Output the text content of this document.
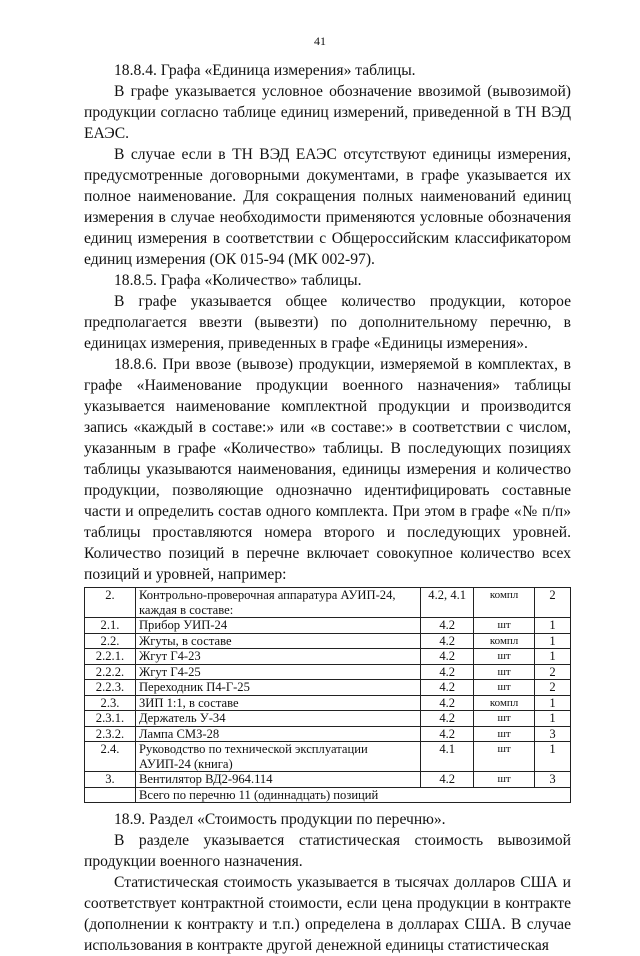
41

18.8.4. Графа «Единица измерения» таблицы.

В графе указывается условное обозначение ввозимой (вывозимой) продукции согласно таблице единиц измерений, приведенной в ТН ВЭД ЕАЭС.

В случае если в ТН ВЭД ЕАЭС отсутствуют единицы измерения, предусмотренные договорными документами, в графе указывается их полное наименование. Для сокращения полных наименований единиц измерения в случае необходимости применяются условные обозначения единиц измерения в соответствии с Общероссийским классификатором единиц измерения (ОК 015-94 (МК 002-97).

18.8.5. Графа «Количество» таблицы.

В графе указывается общее количество продукции, которое предполагается ввезти (вывезти) по дополнительному перечню, в единицах измерения, приведенных в графе «Единицы измерения».

18.8.6. При ввозе (вывозе) продукции, измеряемой в комплектах, в графе «Наименование продукции военного назначения» таблицы указывается наименование комплектной продукции и производится запись «каждый в составе:» или «в составе:» в соответствии с числом, указанным в графе «Количество» таблицы. В последующих позициях таблицы указываются наименования, единицы измерения и количество продукции, позволяющие однозначно идентифицировать составные части и определить состав одного комплекта. При этом в графе «№ п/п» таблицы проставляются номера второго и последующих уровней. Количество позиций в перечне включает совокупное количество всех позиций и уровней, например:

2.	Контрольно-проверочная аппаратура АУИП-24, каждая в составе:	4.2, 4.1	компл	2
2.1.	Прибор УИП-24	4.2	шт	1
2.2.	Жгуты, в составе	4.2	компл	1
2.2.1.	Жгут Г4-23	4.2	шт	1
2.2.2.	Жгут Г4-25	4.2	шт	2
2.2.3.	Переходник П4-Г-25	4.2	шт	2
2.3.	ЗИП 1:1, в составе	4.2	компл	1
2.3.1.	Держатель У-34	4.2	шт	1
2.3.2.	Лампа СМЗ-28	4.2	шт	3
2.4.	Руководство по технической эксплуатации АУИП-24 (книга)	4.1	шт	1
3.	Вентилятор ВД2-964.114	4.2	шт	3
	Всего по перечню 11 (одиннадцать) позиций			

18.9. Раздел «Стоимость продукции по перечню».

В разделе указывается статистическая стоимость вывозимой продукции военного назначения.

Статистическая стоимость указывается в тысячах долларов США и соответствует контрактной стоимости, если цена продукции в контракте (дополнении к контракту и т.п.) определена в долларах США. В случае использования в контракте другой денежной единицы статистическая
